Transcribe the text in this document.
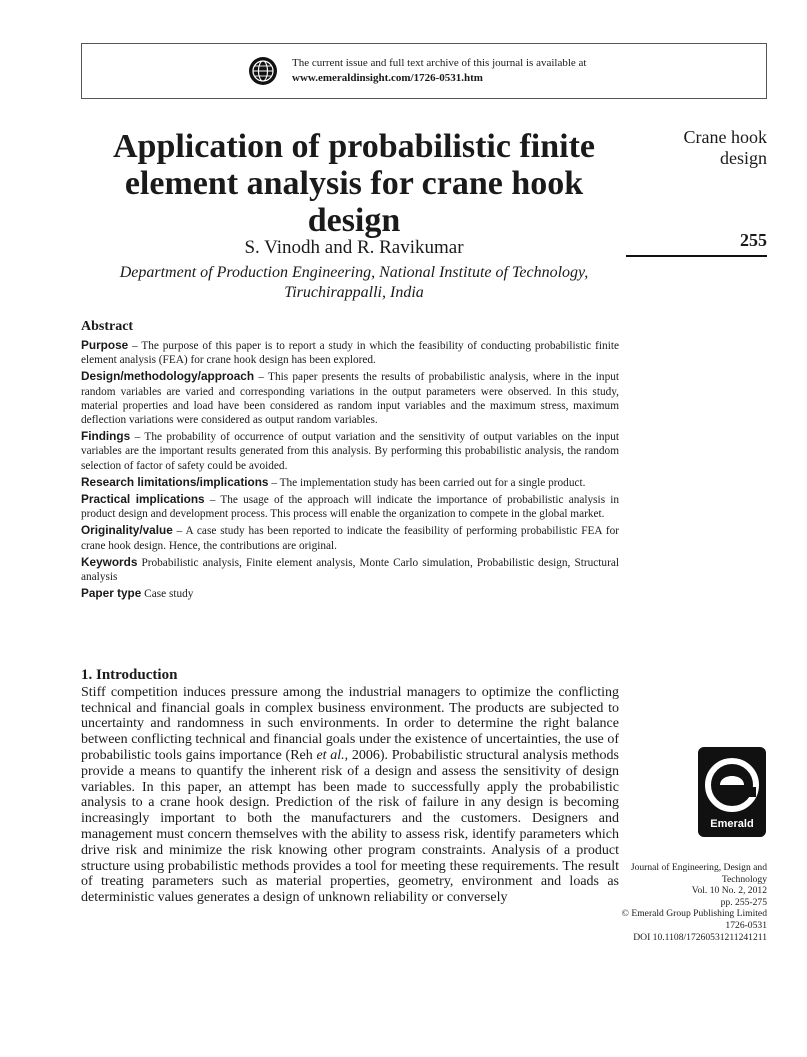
The current issue and full text archive of this journal is available at
www.emeraldinsight.com/1726-0531.htm
Application of probabilistic finite element analysis for crane hook design
S. Vinodh and R. Ravikumar
Department of Production Engineering, National Institute of Technology,
Tiruchirappalli, India
Crane hook
design
255
Abstract

Purpose – The purpose of this paper is to report a study in which the feasibility of conducting probabilistic finite element analysis (FEA) for crane hook design has been explored.

Design/methodology/approach – This paper presents the results of probabilistic analysis, where in the input random variables are varied and corresponding variations in the output parameters were observed. In this study, material properties and load have been considered as random input variables and the maximum stress, maximum deflection variations were considered as output random variables.

Findings – The probability of occurrence of output variation and the sensitivity of output variables on the input variables are the important results generated from this analysis. By performing this probabilistic analysis, the random selection of factor of safety could be avoided.

Research limitations/implications – The implementation study has been carried out for a single product.

Practical implications – The usage of the approach will indicate the importance of probabilistic analysis in product design and development process. This process will enable the organization to compete in the global market.

Originality/value – A case study has been reported to indicate the feasibility of performing probabilistic FEA for crane hook design. Hence, the contributions are original.

Keywords Probabilistic analysis, Finite element analysis, Monte Carlo simulation, Probabilistic design, Structural analysis

Paper type Case study

1. Introduction

Stiff competition induces pressure among the industrial managers to optimize the conflicting technical and financial goals in complex business environment. The products are subjected to uncertainty and randomness in such environments. In order to determine the right balance between conflicting technical and financial goals under the existence of uncertainties, the use of probabilistic tools gains importance (Reh et al., 2006). Probabilistic structural analysis methods provide a means to quantify the inherent risk of a design and assess the sensitivity of design variables. In this paper, an attempt has been made to successfully apply the probabilistic analysis to a crane hook design. Prediction of the risk of failure in any design is becoming increasingly important to both the manufacturers and the customers. Designers and management must concern themselves with the ability to assess risk, identify parameters which drive risk and minimize the risk knowing other program constraints. Analysis of a product structure using probabilistic methods provides a tool for meeting these requirements. The result of treating parameters such as material properties, geometry, environment and loads as deterministic values generates a design of unknown reliability or conversely

Emerald
Journal of Engineering, Design and
Technology
Vol. 10 No. 2, 2012
pp. 255-275
© Emerald Group Publishing Limited
1726-0531
DOI 10.1108/17260531211241211
